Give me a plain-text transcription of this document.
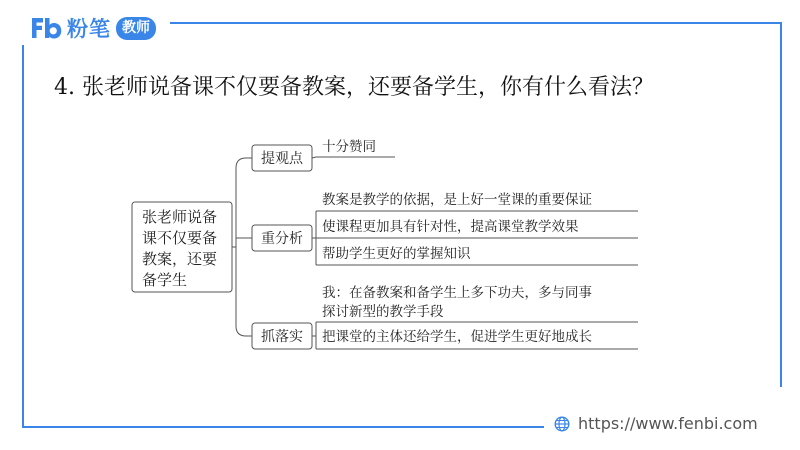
粉笔 教师
4. 张老师说备课不仅要备教案，还要备学生，你有什么看法？
张老师说备
课不仅要备
教案，还要
备学生
提观点
十分赞同
重分析
教案是教学的依据，是上好一堂课的重要保证
使课程更加具有针对性，提高课堂教学效果
帮助学生更好的掌握知识
抓落实
我：在备教案和备学生上多下功夫，多与同事
探讨新型的教学手段
把课堂的主体还给学生，促进学生更好地成长
https://www.fenbi.com
